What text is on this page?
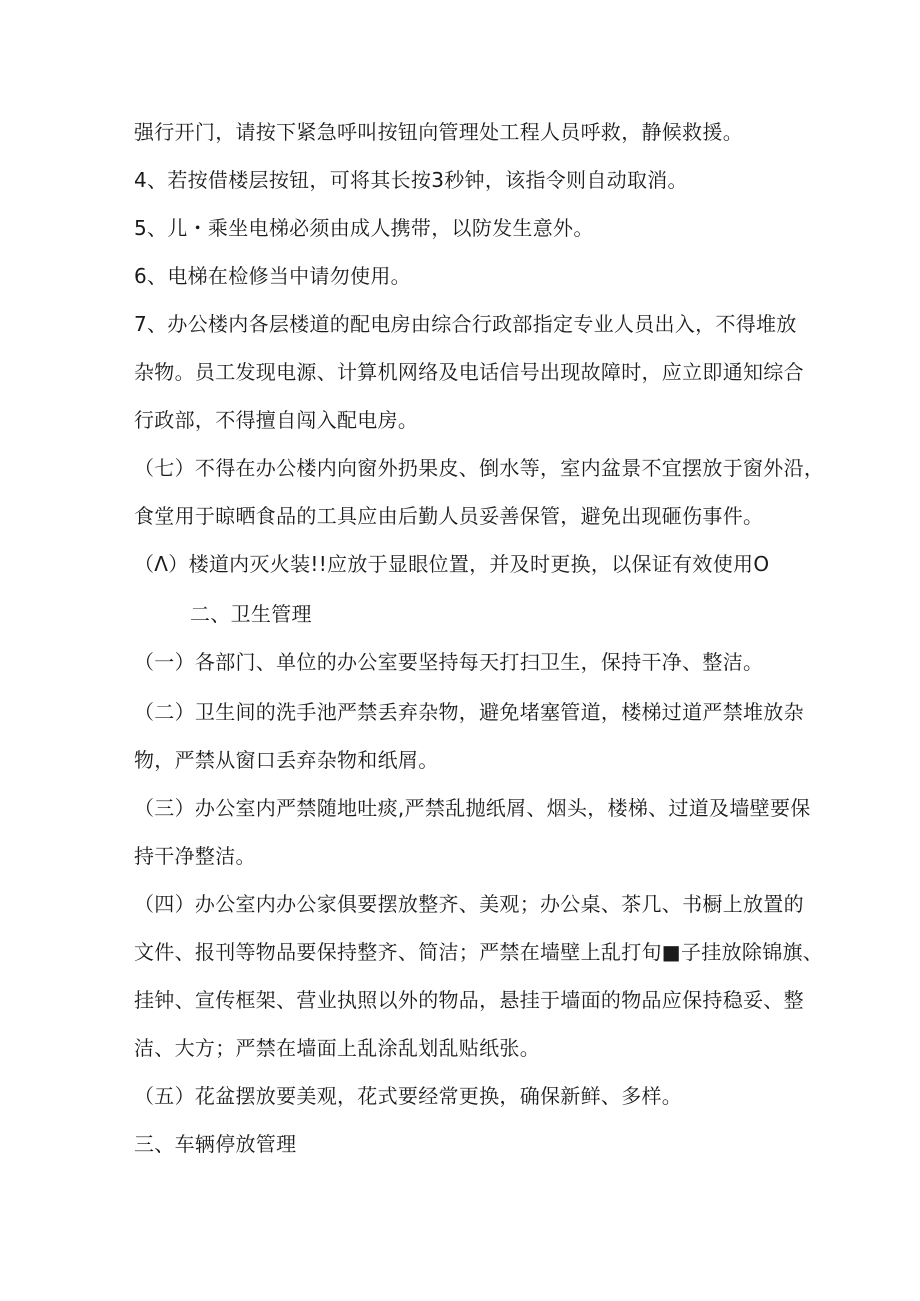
强行开门，请按下紧急呼叫按钮向管理处工程人员呼救，静候救援。
4、若按借楼层按钮，可将其长按3秒钟，该指令则自动取消。
5、儿・乘坐电梯必须由成人携带，以防发生意外。
6、电梯在检修当中请勿使用。
7、办公楼内各层楼道的配电房由综合行政部指定专业人员出入，不得堆放
杂物。员工发现电源、计算机网络及电话信号出现故障时，应立即通知综合
行政部，不得擅自闯入配电房。
（七）不得在办公楼内向窗外扔果皮、倒水等，室内盆景不宜摆放于窗外沿，
食堂用于晾晒食品的工具应由后勤人员妥善保管，避免出现砸伤事件。
（Λ）楼道内灭火装!!应放于显眼位置，并及时更换，以保证有效使用O
二、卫生管理
（一）各部门、单位的办公室要坚持每天打扫卫生，保持干净、整洁。
（二）卫生间的洗手池严禁丢弃杂物，避免堵塞管道，楼梯过道严禁堆放杂
物，严禁从窗口丢弃杂物和纸屑。
（三）办公室内严禁随地吐痰,严禁乱抛纸屑、烟头，楼梯、过道及墙壁要保
持干净整洁。
（四）办公室内办公家俱要摆放整齐、美观；办公桌、茶几、书橱上放置的
文件、报刊等物品要保持整齐、简洁；严禁在墙壁上乱打旬■子挂放除锦旗、
挂钟、宣传框架、营业执照以外的物品，悬挂于墙面的物品应保持稳妥、整
洁、大方；严禁在墙面上乱涂乱划乱贴纸张。
（五）花盆摆放要美观，花式要经常更换，确保新鲜、多样。
三、车辆停放管理
